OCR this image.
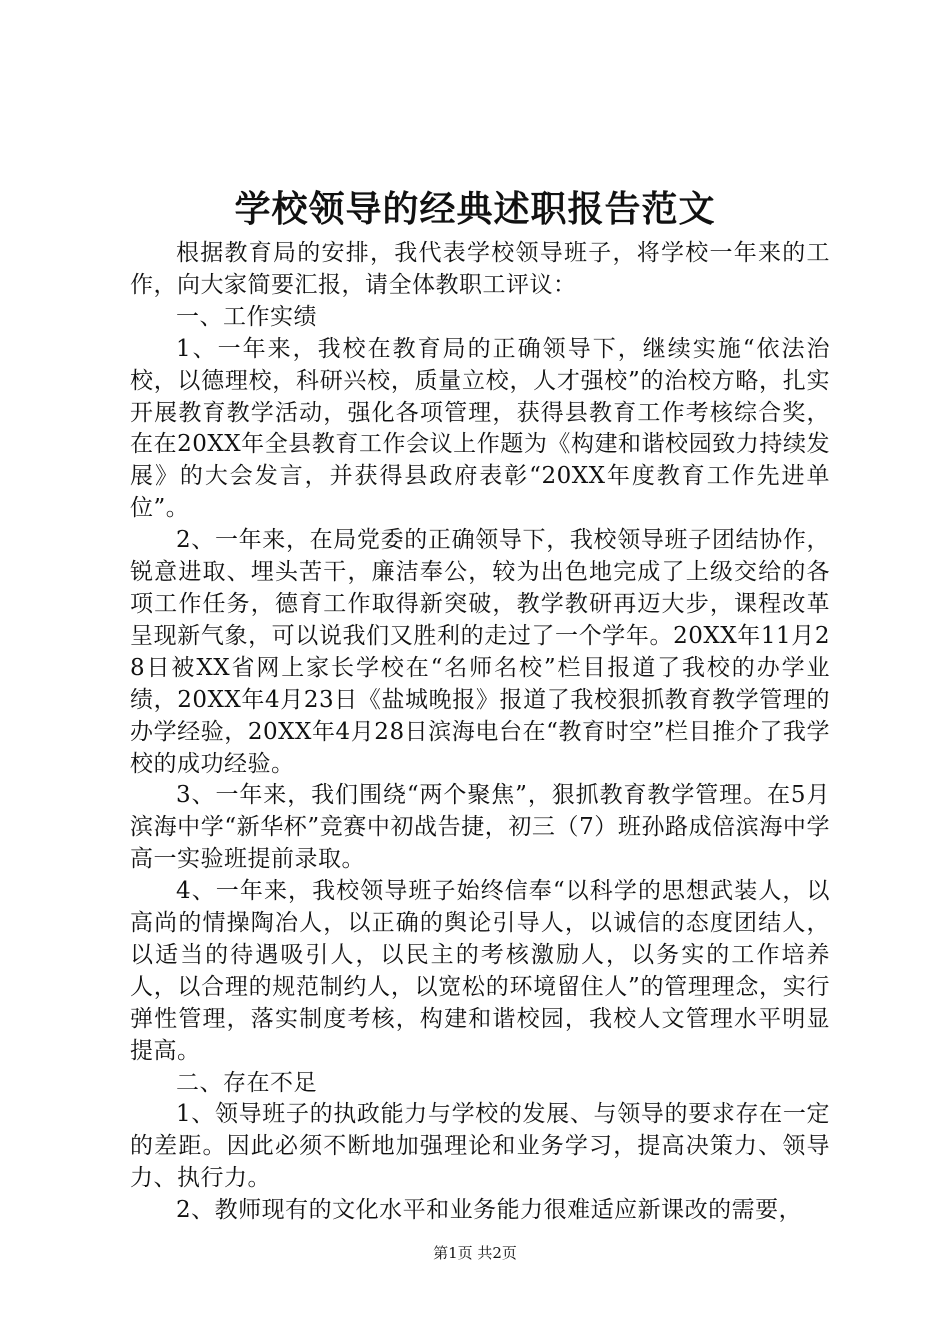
学校领导的经典述职报告范文

根据教育局的安排，我代表学校领导班子，将学校一年来的工作，向大家简要汇报，请全体教职工评议：

一、工作实绩

1、一年来，我校在教育局的正确领导下，继续实施“依法治校，以德理校，科研兴校，质量立校，人才强校”的治校方略，扎实开展教育教学活动，强化各项管理，获得县教育工作考核综合奖，在在20XX年全县教育工作会议上作题为《构建和谐校园致力持续发展》的大会发言，并获得县政府表彰“20XX年度教育工作先进单位”。

2、一年来，在局党委的正确领导下，我校领导班子团结协作，锐意进取、埋头苦干，廉洁奉公，较为出色地完成了上级交给的各项工作任务，德育工作取得新突破，教学教研再迈大步，课程改革呈现新气象，可以说我们又胜利的走过了一个学年。20XX年11月28日被XX省网上家长学校在“名师名校”栏目报道了我校的办学业绩，20XX年4月23日《盐城晚报》报道了我校狠抓教育教学管理的办学经验，20XX年4月28日滨海电台在“教育时空”栏目推介了我学校的成功经验。

3、一年来，我们围绕“两个聚焦”，狠抓教育教学管理。在5月滨海中学“新华杯”竞赛中初战告捷，初三（7）班孙路成倍滨海中学高一实验班提前录取。

4、一年来，我校领导班子始终信奉“以科学的思想武装人，以高尚的情操陶冶人，以正确的舆论引导人，以诚信的态度团结人，以适当的待遇吸引人，以民主的考核激励人，以务实的工作培养人，以合理的规范制约人，以宽松的环境留住人”的管理理念，实行弹性管理，落实制度考核，构建和谐校园，我校人文管理水平明显提高。

二、存在不足

1、领导班子的执政能力与学校的发展、与领导的要求存在一定的差距。因此必须不断地加强理论和业务学习，提高决策力、领导力、执行力。

2、教师现有的文化水平和业务能力很难适应新课改的需要，

第1页 共2页
